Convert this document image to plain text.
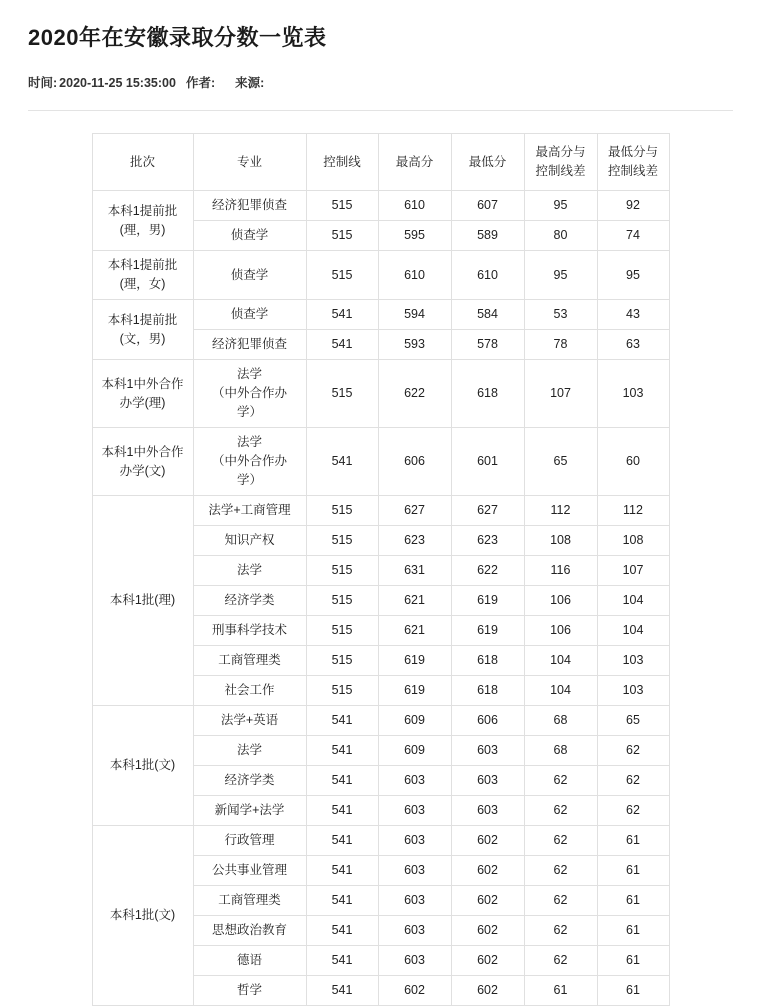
2020年在安徽录取分数一览表
时间: 2020-11-25 15:35:00 作者: 来源:
批次	专业	控制线	最高分	最低分	最高分与
控制线差	最低分与
控制线差
本科1提前批
(理，男)	经济犯罪侦查	515	610	607	95	92
	侦查学	515	595	589	80	74
本科1提前批
(理，女)	侦查学	515	610	610	95	95
本科1提前批
(文，男)	侦查学	541	594	584	53	43
	经济犯罪侦查	541	593	578	78	63
本科1中外合作
办学(理)	法学
（中外合作办
学）	515	622	618	107	103
本科1中外合作
办学(文)	法学
（中外合作办
学）	541	606	601	65	60
本科1批(理)	法学+工商管理	515	627	627	112	112
	知识产权	515	623	623	108	108
	法学	515	631	622	116	107
	经济学类	515	621	619	106	104
	刑事科学技术	515	621	619	106	104
	工商管理类	515	619	618	104	103
	社会工作	515	619	618	104	103
本科1批(文)	法学+英语	541	609	606	68	65
	法学	541	609	603	68	62
	经济学类	541	603	603	62	62
	新闻学+法学	541	603	603	62	62
本科1批(文)	行政管理	541	603	602	62	61
	公共事业管理	541	603	602	62	61
	工商管理类	541	603	602	62	61
	思想政治教育	541	603	602	62	61
	德语	541	603	602	62	61
	哲学	541	602	602	61	61
